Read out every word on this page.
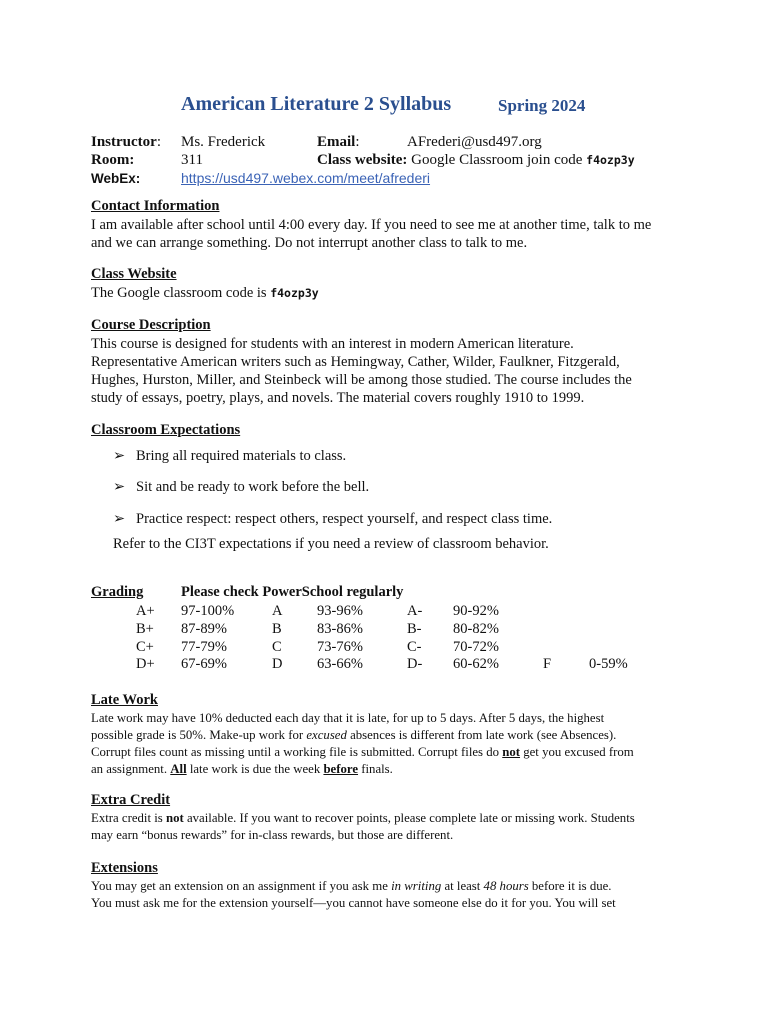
American Literature 2 Syllabus	Spring 2024
Instructor: Ms. Frederick	Email:	AFrederi@usd497.org
Room:	311	Class website: Google Classroom join code f4ozp3y
WebEx:	https://usd497.webex.com/meet/afrederi
Contact Information
I am available after school until 4:00 every day. If you need to see me at another time, talk to me
and we can arrange something. Do not interrupt another class to talk to me.
Class Website
The Google classroom code is f4ozp3y
Course Description
This course is designed for students with an interest in modern American literature.
Representative American writers such as Hemingway, Cather, Wilder, Faulkner, Fitzgerald,
Hughes, Hurston, Miller, and Steinbeck will be among those studied. The course includes the
study of essays, poetry, plays, and novels. The material covers roughly 1910 to 1999.
Classroom Expectations
➢ Bring all required materials to class.
➢ Sit and be ready to work before the bell.
➢ Practice respect: respect others, respect yourself, and respect class time.
Refer to the CI3T expectations if you need a review of classroom behavior.
Grading	Please check PowerSchool regularly
A+ 97-100%	A 93-96%	A- 90-92%
B+ 87-89%	B 83-86%	B- 80-82%
C+ 77-79%	C 73-76%	C- 70-72%
D+ 67-69%	D 63-66%	D- 60-62%	F	0-59%
Late Work
Late work may have 10% deducted each day that it is late, for up to 5 days. After 5 days, the highest
possible grade is 50%. Make-up work for excused absences is different from late work (see Absences).
Corrupt files count as missing until a working file is submitted. Corrupt files do not get you excused from
an assignment. All late work is due the week before finals.
Extra Credit
Extra credit is not available. If you want to recover points, please complete late or missing work. Students
may earn “bonus rewards” for in-class rewards, but those are different.
Extensions
You may get an extension on an assignment if you ask me in writing at least 48 hours before it is due.
You must ask me for the extension yourself—you cannot have someone else do it for you. You will set
